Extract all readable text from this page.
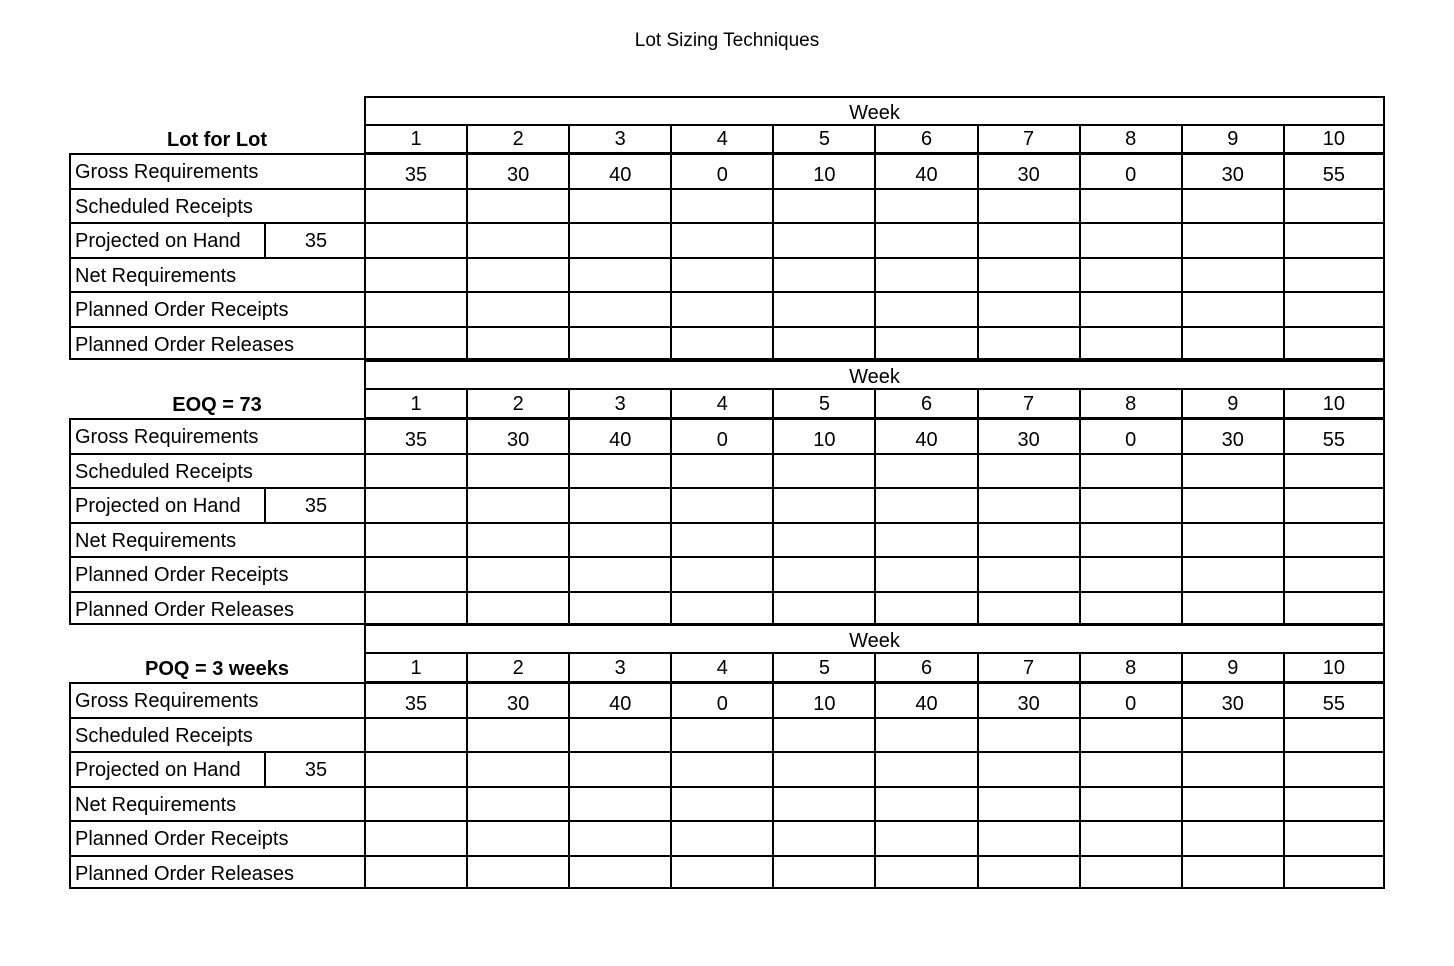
Lot Sizing Techniques
Week
Lot for Lot	1	2	3	4	5	6	7	8	9	10
Gross Requirements	35	30	40	0	10	40	30	0	30	55
Scheduled Receipts
Projected on Hand	35
Net Requirements
Planned Order Receipts
Planned Order Releases
Week
EOQ = 73	1	2	3	4	5	6	7	8	9	10
Gross Requirements	35	30	40	0	10	40	30	0	30	55
Scheduled Receipts
Projected on Hand	35
Net Requirements
Planned Order Receipts
Planned Order Releases
Week
POQ = 3 weeks	1	2	3	4	5	6	7	8	9	10
Gross Requirements	35	30	40	0	10	40	30	0	30	55
Scheduled Receipts
Projected on Hand	35
Net Requirements
Planned Order Receipts
Planned Order Releases
